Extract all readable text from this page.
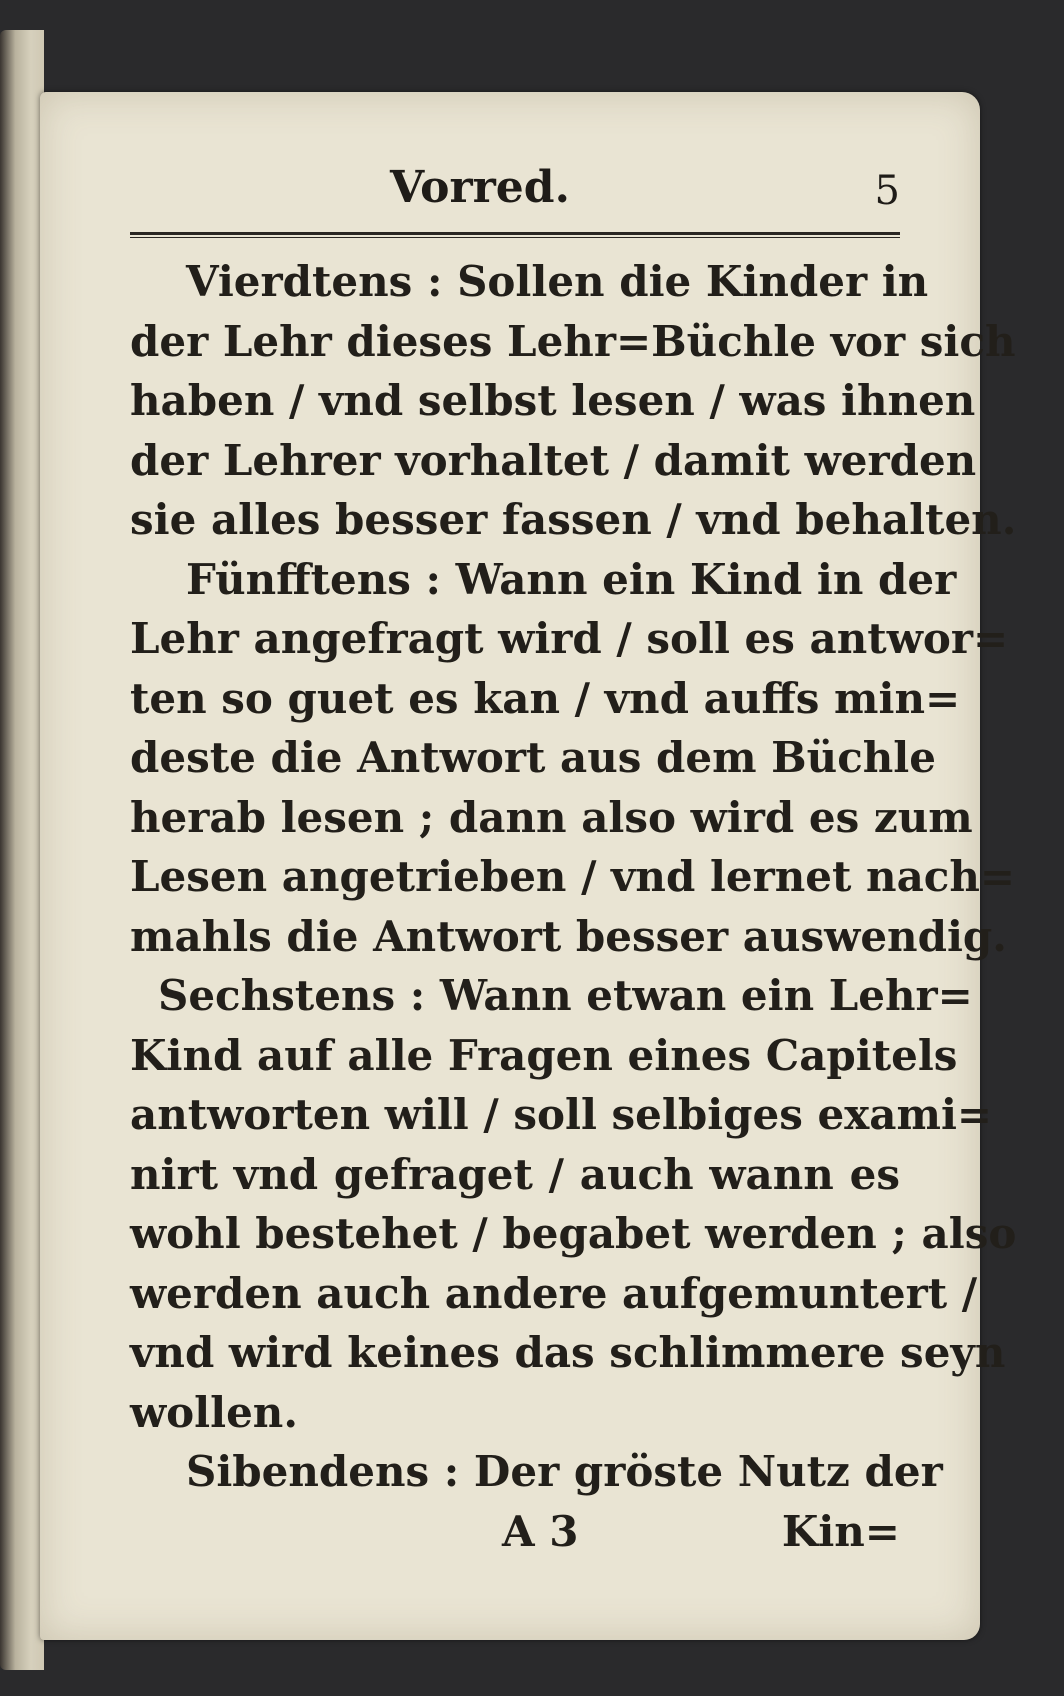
Vorred.	5
Vierdtens : Sollen die Kinder in
der Lehr dieses Lehr=Büchle vor sich
haben / vnd selbst lesen / was ihnen
der Lehrer vorhaltet / damit werden
sie alles besser fassen / vnd behalten.
Fünfftens : Wann ein Kind in der
Lehr angefragt wird / soll es antwor=
ten so guet es kan / vnd auffs min=
deste die Antwort aus dem Büchle
herab lesen ; dann also wird es zum
Lesen angetrieben / vnd lernet nach=
mahls die Antwort besser auswendig.
Sechstens : Wann etwan ein Lehr=
Kind auf alle Fragen eines Capitels
antworten will / soll selbiges exami=
nirt vnd gefraget / auch wann es
wohl bestehet / begabet werden ; also
werden auch andere aufgemuntert /
vnd wird keines das schlimmere seyn
wollen.
Sibendens : Der gröste Nutz der
A 3	Kin=
